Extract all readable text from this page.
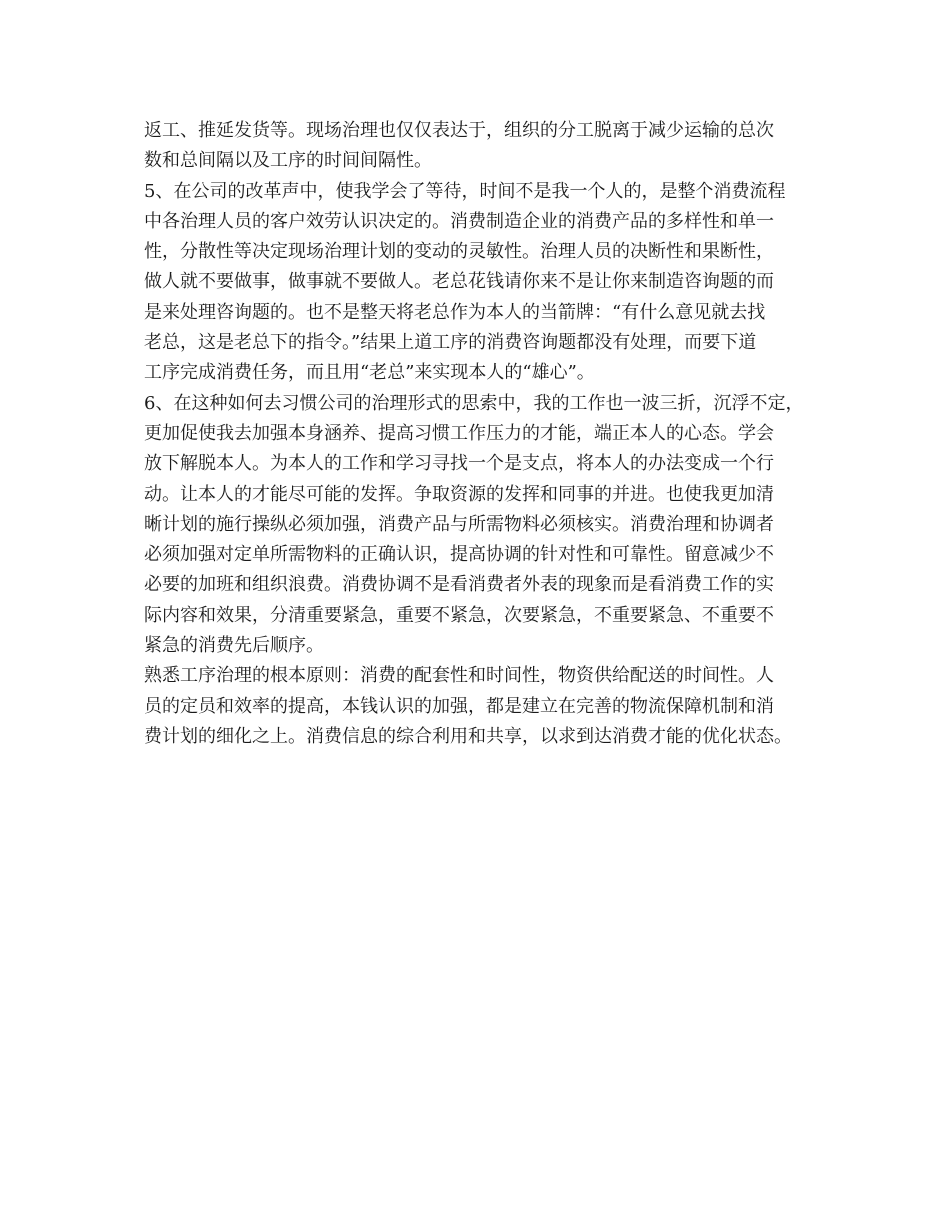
返工、推延发货等。现场治理也仅仅表达于，组织的分工脱离于减少运输的总次
数和总间隔以及工序的时间间隔性。
5、在公司的改革声中，使我学会了等待，时间不是我一个人的，是整个消费流程
中各治理人员的客户效劳认识决定的。消费制造企业的消费产品的多样性和单一
性，分散性等决定现场治理计划的变动的灵敏性。治理人员的决断性和果断性，
做人就不要做事，做事就不要做人。老总花钱请你来不是让你来制造咨询题的而
是来处理咨询题的。也不是整天将老总作为本人的当箭牌：“有什么意见就去找
老总，这是老总下的指令。”结果上道工序的消费咨询题都没有处理，而要下道
工序完成消费任务，而且用“老总”来实现本人的“雄心”。
6、在这种如何去习惯公司的治理形式的思索中，我的工作也一波三折，沉浮不定，
更加促使我去加强本身涵养、提高习惯工作压力的才能，端正本人的心态。学会
放下解脱本人。为本人的工作和学习寻找一个是支点，将本人的办法变成一个行
动。让本人的才能尽可能的发挥。争取资源的发挥和同事的并进。也使我更加清
晰计划的施行操纵必须加强，消费产品与所需物料必须核实。消费治理和协调者
必须加强对定单所需物料的正确认识，提高协调的针对性和可靠性。留意减少不
必要的加班和组织浪费。消费协调不是看消费者外表的现象而是看消费工作的实
际内容和效果，分清重要紧急，重要不紧急，次要紧急，不重要紧急、不重要不
紧急的消费先后顺序。
熟悉工序治理的根本原则：消费的配套性和时间性，物资供给配送的时间性。人
员的定员和效率的提高，本钱认识的加强，都是建立在完善的物流保障机制和消
费计划的细化之上。消费信息的综合利用和共享，以求到达消费才能的优化状态。
